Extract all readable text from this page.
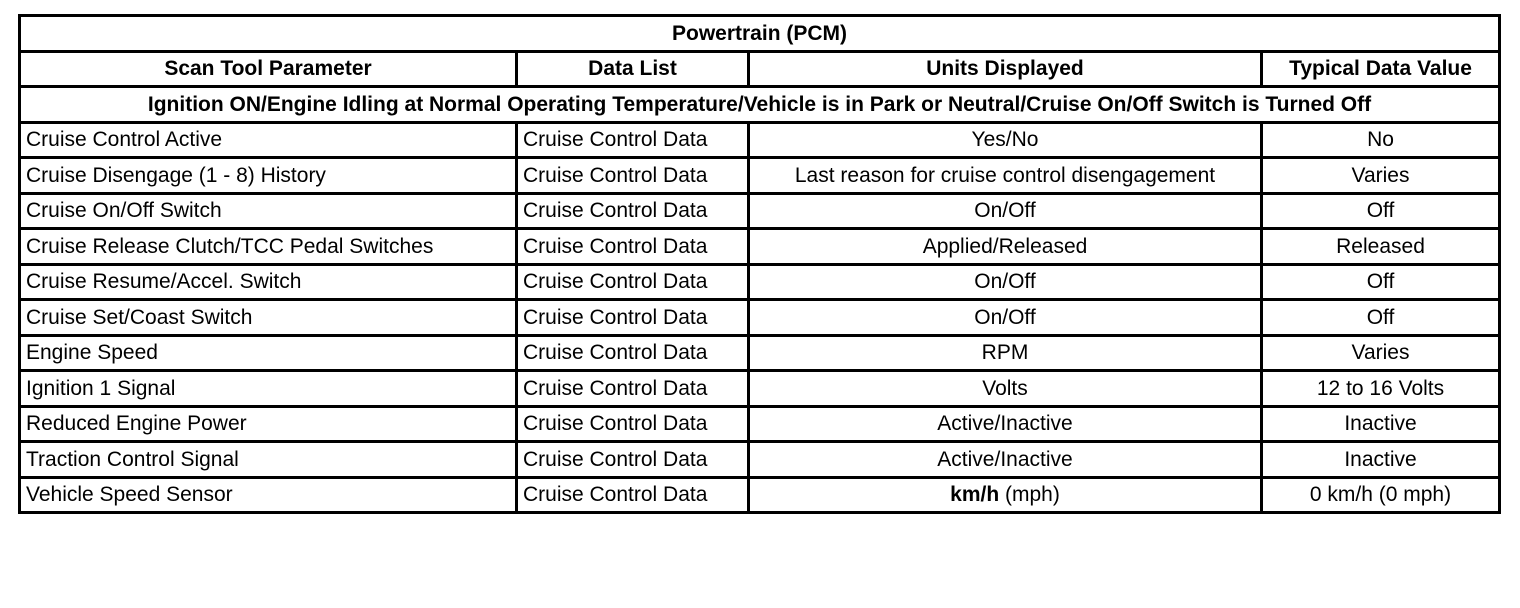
Powertrain (PCM)			
Scan Tool Parameter	Data List	Units Displayed	Typical Data Value
Ignition ON/Engine Idling at Normal Operating Temperature/Vehicle is in Park or Neutral/Cruise On/Off Switch is Turned Off			
Cruise Control Active	Cruise Control Data	Yes/No	No
Cruise Disengage (1 - 8) History	Cruise Control Data	Last reason for cruise control disengagement	Varies
Cruise On/Off Switch	Cruise Control Data	On/Off	Off
Cruise Release Clutch/TCC Pedal Switches	Cruise Control Data	Applied/Released	Released
Cruise Resume/Accel. Switch	Cruise Control Data	On/Off	Off
Cruise Set/Coast Switch	Cruise Control Data	On/Off	Off
Engine Speed	Cruise Control Data	RPM	Varies
Ignition 1 Signal	Cruise Control Data	Volts	12 to 16 Volts
Reduced Engine Power	Cruise Control Data	Active/Inactive	Inactive
Traction Control Signal	Cruise Control Data	Active/Inactive	Inactive
Vehicle Speed Sensor	Cruise Control Data	km/h (mph)	0 km/h (0 mph)
